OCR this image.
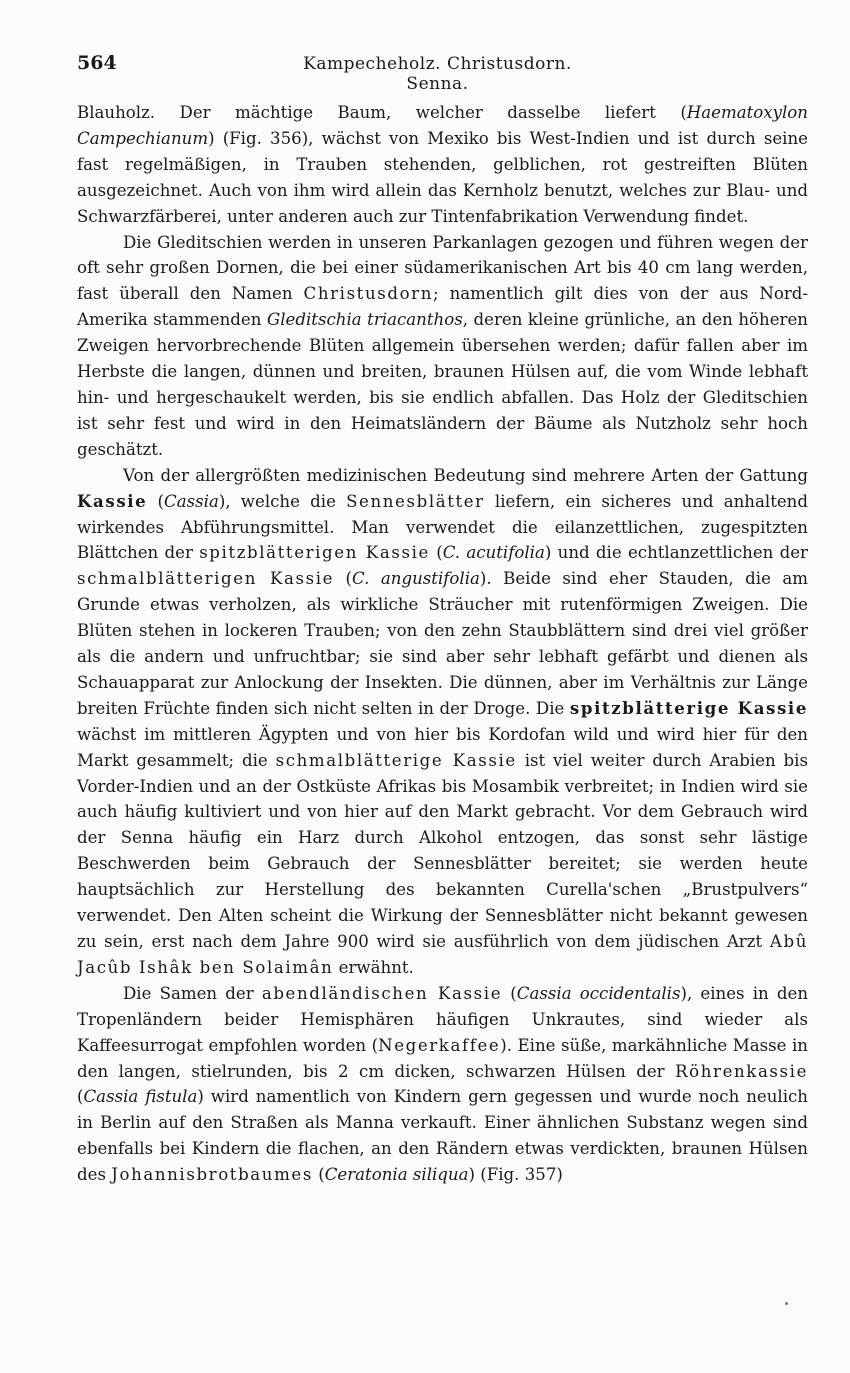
564	Kampecheholz. Christusdorn. Senna.

Blauholz. Der mächtige Baum, welcher dasselbe liefert (Haematoxylon Campechianum) (Fig. 356), wächst von Mexiko bis West-Indien und ist durch seine fast regelmäßigen, in Trauben stehenden, gelblichen, rot gestreiften Blüten ausgezeichnet. Auch von ihm wird allein das Kernholz benutzt, welches zur Blau- und Schwarzfärberei, unter anderen auch zur Tintenfabrikation Verwendung findet.

Die Gleditschien werden in unseren Parkanlagen gezogen und führen wegen der oft sehr großen Dornen, die bei einer südamerikanischen Art bis 40 cm lang werden, fast überall den Namen Christusdorn; namentlich gilt dies von der aus Nord-Amerika stammenden Gleditschia triacanthos, deren kleine grünliche, an den höheren Zweigen hervorbrechende Blüten allgemein übersehen werden; dafür fallen aber im Herbste die langen, dünnen und breiten, braunen Hülsen auf, die vom Winde lebhaft hin- und hergeschaukelt werden, bis sie endlich abfallen. Das Holz der Gleditschien ist sehr fest und wird in den Heimatsländern der Bäume als Nutzholz sehr hoch geschätzt.

Von der allergrößten medizinischen Bedeutung sind mehrere Arten der Gattung Kassie (Cassia), welche die Sennesblätter liefern, ein sicheres und anhaltend wirkendes Abführungsmittel. Man verwendet die eilanzettlichen, zugespitzten Blättchen der spitzblätterigen Kassie (C. acutifolia) und die echtlanzettlichen der schmalblätterigen Kassie (C. angustifolia). Beide sind eher Stauden, die am Grunde etwas verholzen, als wirkliche Sträucher mit rutenförmigen Zweigen. Die Blüten stehen in lockeren Trauben; von den zehn Staubblättern sind drei viel größer als die andern und unfruchtbar; sie sind aber sehr lebhaft gefärbt und dienen als Schauapparat zur Anlockung der Insekten. Die dünnen, aber im Verhältnis zur Länge breiten Früchte finden sich nicht selten in der Droge. Die spitzblätterige Kassie wächst im mittleren Ägypten und von hier bis Kordofan wild und wird hier für den Markt gesammelt; die schmalblätterige Kassie ist viel weiter durch Arabien bis Vorder-Indien und an der Ostküste Afrikas bis Mosambik verbreitet; in Indien wird sie auch häufig kultiviert und von hier auf den Markt gebracht. Vor dem Gebrauch wird der Senna häufig ein Harz durch Alkohol entzogen, das sonst sehr lästige Beschwerden beim Gebrauch der Sennesblätter bereitet; sie werden heute hauptsächlich zur Herstellung des bekannten Curella'schen „Brustpulvers“ verwendet. Den Alten scheint die Wirkung der Sennesblätter nicht bekannt gewesen zu sein, erst nach dem Jahre 900 wird sie ausführlich von dem jüdischen Arzt Abû Jacûb Ishâk ben Solaimân erwähnt.

Die Samen der abendländischen Kassie (Cassia occidentalis), eines in den Tropenländern beider Hemisphären häufigen Unkrautes, sind wieder als Kaffeesurrogat empfohlen worden (Negerkaffee). Eine süße, markähnliche Masse in den langen, stielrunden, bis 2 cm dicken, schwarzen Hülsen der Röhrenkassie (Cassia fistula) wird namentlich von Kindern gern gegessen und wurde noch neulich in Berlin auf den Straßen als Manna verkauft. Einer ähnlichen Substanz wegen sind ebenfalls bei Kindern die flachen, an den Rändern etwas verdickten, braunen Hülsen des Johannisbrotbaumes (Ceratonia siliqua) (Fig. 357)
